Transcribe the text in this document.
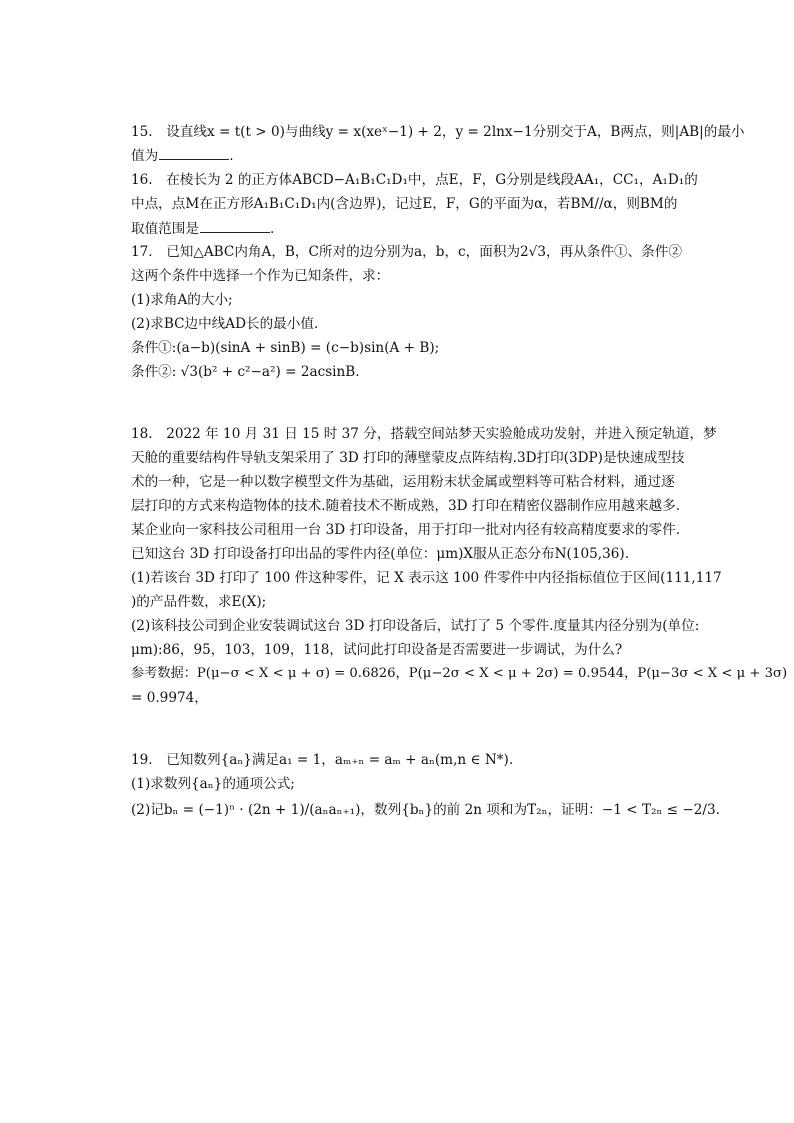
15.　设直线x = t(t > 0)与曲线y = x(xeˣ−1) + 2，y = 2lnx−1分别交于A，B两点，则|AB|的最小
值为	.
16.　在棱长为 2 的正方体ABCD−A₁B₁C₁D₁中，点E，F，G分别是线段AA₁，CC₁，A₁D₁的
中点，点M在正方形A₁B₁C₁D₁内(含边界)，记过E，F，G的平面为α，若BM//α，则BM的
取值范围是	.
17.　已知△ABC内角A，B，C所对的边分别为a，b，c，面积为2√3，再从条件①、条件②
这两个条件中选择一个作为已知条件，求：
(1)求角A的大小;
(2)求BC边中线AD长的最小值.
条件①:(a−b)(sinA + sinB) = (c−b)sin(A + B);
条件②: √3(b² + c²−a²) = 2acsinB.
18.　2022 年 10 月 31 日 15 时 37 分，搭载空间站梦天实验舱成功发射，并进入预定轨道，梦
天舱的重要结构件导轨支架采用了 3D 打印的薄壁蒙皮点阵结构.3D打印(3DP)是快速成型技
术的一种，它是一种以数字模型文件为基础，运用粉末状金属或塑料等可粘合材料，通过逐
层打印的方式来构造物体的技术.随着技术不断成熟，3D 打印在精密仪器制作应用越来越多.
某企业向一家科技公司租用一台 3D 打印设备，用于打印一批对内径有较高精度要求的零件.
已知这台 3D 打印设备打印出品的零件内径(单位：μm)X服从正态分布N(105,36).
(1)若该台 3D 打印了 100 件这种零件，记 X 表示这 100 件零件中内径指标值位于区间(111,117
)的产品件数，求E(X);
(2)该科技公司到企业安装调试这台 3D 打印设备后，试打了 5 个零件.度量其内径分别为(单位:
μm):86，95，103，109，118，试问此打印设备是否需要进一步调试，为什么?
参考数据：P(μ−σ < X < μ + σ) = 0.6826，P(μ−2σ < X < μ + 2σ) = 0.9544，P(μ−3σ < X < μ + 3σ)
= 0.9974，
19.　已知数列{aₙ}满足a₁ = 1，aₘ₊ₙ = aₘ + aₙ(m,n ∈ N*).
(1)求数列{aₙ}的通项公式;
(2)记bₙ = (−1)ⁿ · (2n + 1)/(aₙaₙ₊₁)，数列{bₙ}的前 2n 项和为T₂ₙ，证明：−1 < T₂ₙ ≤ −2/3.
